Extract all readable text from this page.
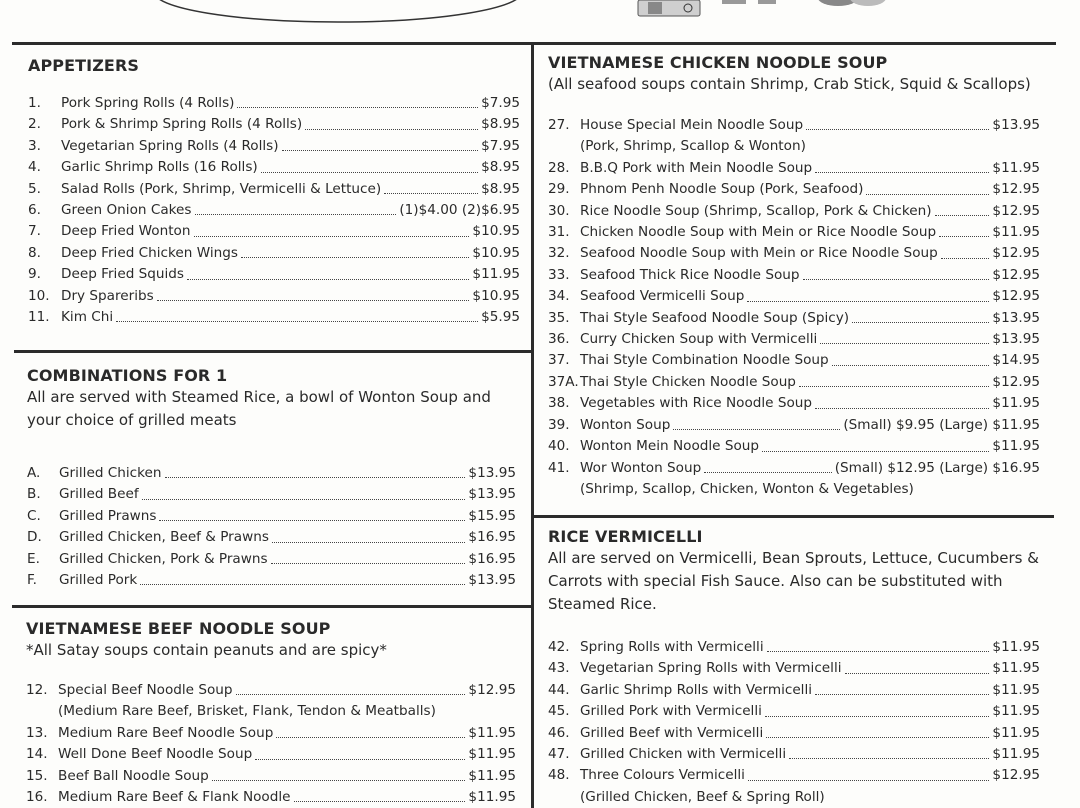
APPETIZERS
1.	Pork Spring Rolls (4 Rolls)	$7.95
2.	Pork & Shrimp Spring Rolls (4 Rolls)	$8.95
3.	Vegetarian Spring Rolls (4 Rolls)	$7.95
4.	Garlic Shrimp Rolls (16 Rolls)	$8.95
5.	Salad Rolls (Pork, Shrimp, Vermicelli & Lettuce)	$8.95
6.	Green Onion Cakes	(1)$4.00 (2)$6.95
7.	Deep Fried Wonton	$10.95
8.	Deep Fried Chicken Wings	$10.95
9.	Deep Fried Squids	$11.95
10. Dry Spareribs	$10.95
11. Kim Chi	$5.95
COMBINATIONS FOR 1
All are served with Steamed Rice, a bowl of Wonton Soup and your choice of grilled meats
A.	Grilled Chicken	$13.95
B.	Grilled Beef	$13.95
C.	Grilled Prawns	$15.95
D.	Grilled Chicken, Beef & Prawns	$16.95
E.	Grilled Chicken, Pork & Prawns	$16.95
F.	Grilled Pork	$13.95
VIETNAMESE BEEF NOODLE SOUP
*All Satay soups contain peanuts and are spicy*
12. Special Beef Noodle Soup	$12.95
(Medium Rare Beef, Brisket, Flank, Tendon & Meatballs)
13. Medium Rare Beef Noodle Soup	$11.95
14. Well Done Beef Noodle Soup	$11.95
15. Beef Ball Noodle Soup	$11.95
16. Medium Rare Beef & Flank Noodle	$11.95
VIETNAMESE CHICKEN NOODLE SOUP
(All seafood soups contain Shrimp, Crab Stick, Squid & Scallops)
27. House Special Mein Noodle Soup	$13.95
(Pork, Shrimp, Scallop & Wonton)
28. B.B.Q Pork with Mein Noodle Soup	$11.95
29. Phnom Penh Noodle Soup (Pork, Seafood)	$12.95
30. Rice Noodle Soup (Shrimp, Scallop, Pork & Chicken)	$12.95
31. Chicken Noodle Soup with Mein or Rice Noodle Soup	$11.95
32. Seafood Noodle Soup with Mein or Rice Noodle Soup	$12.95
33. Seafood Thick Rice Noodle Soup	$12.95
34. Seafood Vermicelli Soup	$12.95
35. Thai Style Seafood Noodle Soup (Spicy)	$13.95
36. Curry Chicken Soup with Vermicelli	$13.95
37. Thai Style Combination Noodle Soup	$14.95
37A. Thai Style Chicken Noodle Soup	$12.95
38. Vegetables with Rice Noodle Soup	$11.95
39. Wonton Soup	(Small) $9.95 (Large) $11.95
40. Wonton Mein Noodle Soup	$11.95
41. Wor Wonton Soup	(Small) $12.95 (Large) $16.95
(Shrimp, Scallop, Chicken, Wonton & Vegetables)
RICE VERMICELLI
All are served on Vermicelli, Bean Sprouts, Lettuce, Cucumbers & Carrots with special Fish Sauce. Also can be substituted with Steamed Rice.
42. Spring Rolls with Vermicelli	$11.95
43. Vegetarian Spring Rolls with Vermicelli	$11.95
44. Garlic Shrimp Rolls with Vermicelli	$11.95
45. Grilled Pork with Vermicelli	$11.95
46. Grilled Beef with Vermicelli	$11.95
47. Grilled Chicken with Vermicelli	$11.95
48. Three Colours Vermicelli	$12.95
(Grilled Chicken, Beef & Spring Roll)
